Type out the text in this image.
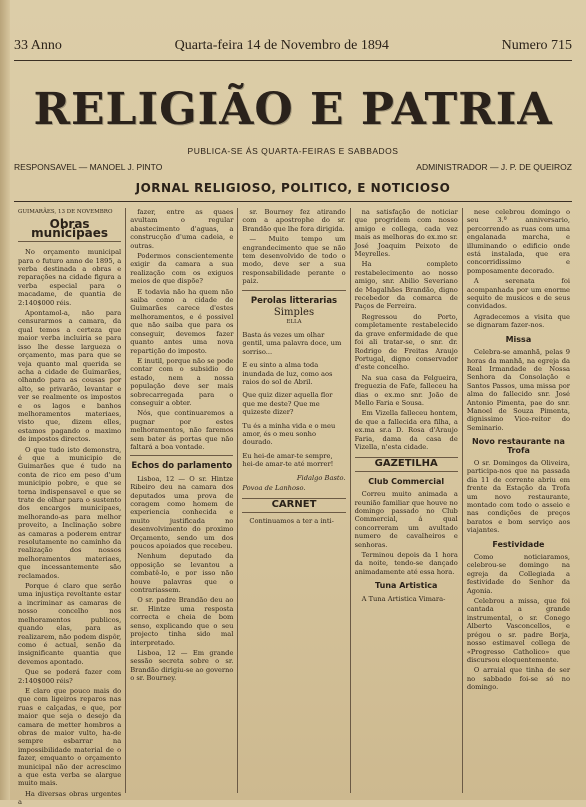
33 Anno	Quarta-feira 14 de Novembro de 1894	Numero 715
RELIGIÃO E PATRIA
PUBLICA-SE ÁS QUARTA-FEIRAS E SABBADOS
RESPONSAVEL — MANOEL J. PINTO	ADMINISTRADOR — J. P. DE QUEIROZ
JORNAL RELIGIOSO, POLITICO, E NOTICIOSO
GUIMARÃES, 13 DE NOVEMBRO
Obras municipaes

No orçamento municipal para o futuro anno de 1895, a verba destinada a obras e reparações na cidade figura a verba especial para o macadame, de quantia de 2:140$000 réis.

Apontamol-a, não para censurarmos a camara, da qual temos a certeza que maior verba incluiria se para isso lhe desse largueza o orçamento, mas para que se veja quanto mal querida se acha a cidade de Guimarães, olhando para as cousas por alto, se privarão, levantar e ver se realmente os impostos e os lagos e banhos melhoramentos materiaes, visto que, dizem elles, estamos pagando o maximo de impostos directos.

O que tudo isto demonstra, é que a municipio de Guimarães que é tudo na conta de rico em peso d'um municipio pobre, e que se torna indispensavel e que se trate de olhar para o sustento dos encargos municipaes, melhorando-as para melhor proveito, a Inclinação sobre as camaras a poderem entrar resolutamente no caminho da realização dos nossos melhoramentos materiaes, que incessantemente são reclamados.

Porque é claro que serão uma injustiça revoltante estar a incriminar as camaras de nosso concelho nos melhoramentos publicos, quando elas, para as realizarem, não podem dispôr, como é actual, senão da insignificante quantia que devemos apontado.

Que se poderá fazer com 2:140$000 réis?

E claro que pouco mais do que com ligeiros reparos nas ruas e calçadas, e que, por maior que seja o desejo da camara de metter hombros a obras de maior vulto, ha-de sempre esbarrar na impossibilidade material de o fazer, emquanto o orçamento municipal não der acrescimo a que esta verba se alargue muito mais.

Ha diversas obras urgentes a

fazer, entre as quaes avultam o regular abastecimento d'aguas, a construcção d'uma cadeia, e outras.

Podermos conscientemente exigir da camara a sua realização com os exiguos meios de que dispõe?

E todavia não ha quem não saiba como a cidade de Guimarães carece d'estes melhoramentos, e é possivel que não saiba que para os conseguir, devemos fazer quanto antes uma nova repartição do imposto.

E inutil, porque não se pode contar com o subsidio do estado, nem a nossa população deve ser mais sobrecarregada para o conseguir a obter.

Nós, que continuaremos a pugnar por estes melhoramentos, não faremos sem bater ás portas que não faltará a boa vontade.

Echos do parlamento

Lisboa, 12 — O sr. Hintze Ribeiro deu na camara dos deputados uma prova de coragem como homem de experiencia conhecida e muito justificada no desenvolvimento do proximo Orçamento, sendo um dos poucos apoiados que recebeu.

Nenhum deputado da opposição se levantou a combatê-lo, e por isso não houve palavras que o contrariassem.

O sr. padre Brandão deu ao sr. Hintze uma resposta correcta e cheia de bom senso, explicando que o seu projecto tinha sido mal interpretado.

Lisboa, 12 — Em grande sessão secreta sobre o sr. Brandão dirigiu-se ao governo o sr. Bourney.

sr. Bourney fez atirando com a apostrophe do sr. Brandão que lhe fora dirigida.

— Muito tempo um engrandecimento que se não tem desenvolvido de todo o modo, deve ser a sua responsabilidade perante o paiz.

Perolas litterarias
Simples
ELLA

Basta ás vezes um olhar gentil, uma palavra doce, um sorriso...

E eu sinto a alma toda inundada de luz, como aos raios do sol de Abril.

Que quiz dizer aquella flor que me deste? Que me quizeste dizer?

Tu és a minha vida e o meu amor, és o meu sonho dourado.

Eu hei-de amar-te sempre, hei-de amar-te até morrer!

Fidalgo Basto.
Povoa de Lanhoso.
CARNET

Continuamos a ter a inti-

na satisfação de noticiar que progridem com nosso amigo e collega, cada vez mais as melhoras do ex.mo sr. José Joaquim Peixoto de Meyrelles.

Ha completo restabelecimento ao nosso amigo, snr. Abilio Severiano de Magalhães Brandão, digno recebedor da comarca de Paços de Ferreira.

Regressou do Porto, completamente restabelecido da grave enfermidade de que foi ali tratar-se, o snr. dr. Rodrigo de Freitas Araujo Portugal, digno conservador d'este concelho.

Na sua casa da Felgueira, freguezia de Fafe, falleceu ha dias o ex.mo snr. João de Mello Faria e Sousa.

Em Vizella falleceu hontem, de que a fallecida era filha, a ex.ma sr.a D. Rosa d'Araujo Faria, dama da casa de Vizella, n'esta cidade.

GAZETILHA
Club Commercial

Correu muito animada a reunião familiar que houve no domingo passado no Club Commercial, á qual concorreram um avultado numero de cavalheiros e senhoras.

Terminou depois da 1 hora da noite, tendo-se dançado animadamente até essa hora.

Tuna Artistica

A Tuna Artistica Vimara-

nese celebrou domingo o seu 3.º anniversario, percorrendo as ruas com uma engalanada marcha, e illuminando o edificio onde está instalada, que era concorridissimo e pomposamente decorado.

A serenata foi acompanhada por um enorme sequito de musicos e de seus convidados.

Agradecemos a visita que se dignaram fazer-nos.

Missa

Celebra-se amanhã, pelas 9 horas da manhã, na egreja da Real Irmandade de Nossa Senhora da Consolação e Santos Passos, uma missa por alma do fallecido snr. José Antonio Pimenta, pae do snr. Manoel de Souza Pimenta, dignissimo Vice-reitor do Seminario.

Novo restaurante na Trofa

O sr. Domingos da Oliveira, participa-nos que na passada dia 11 de corrente abriu em frente da Estação da Trofa um novo restaurante, montado com todo o asseio e nas condições de preços baratos e bom serviço aos viajantes.

Festividade

Como noticiaramos, celebrou-se domingo na egreja da Collegiada a festividade do Senhor da Agonia.

Celebrou a missa, que foi cantada a grande instrumental, o sr. Conego Alberto Vasconcellos, e prégou o sr. padre Borja, nosso estimavel collega de «Progresso Catholico» que discursou eloquentemente.

O arraial que tinha de ser no sabbado foi-se só no domingo.
